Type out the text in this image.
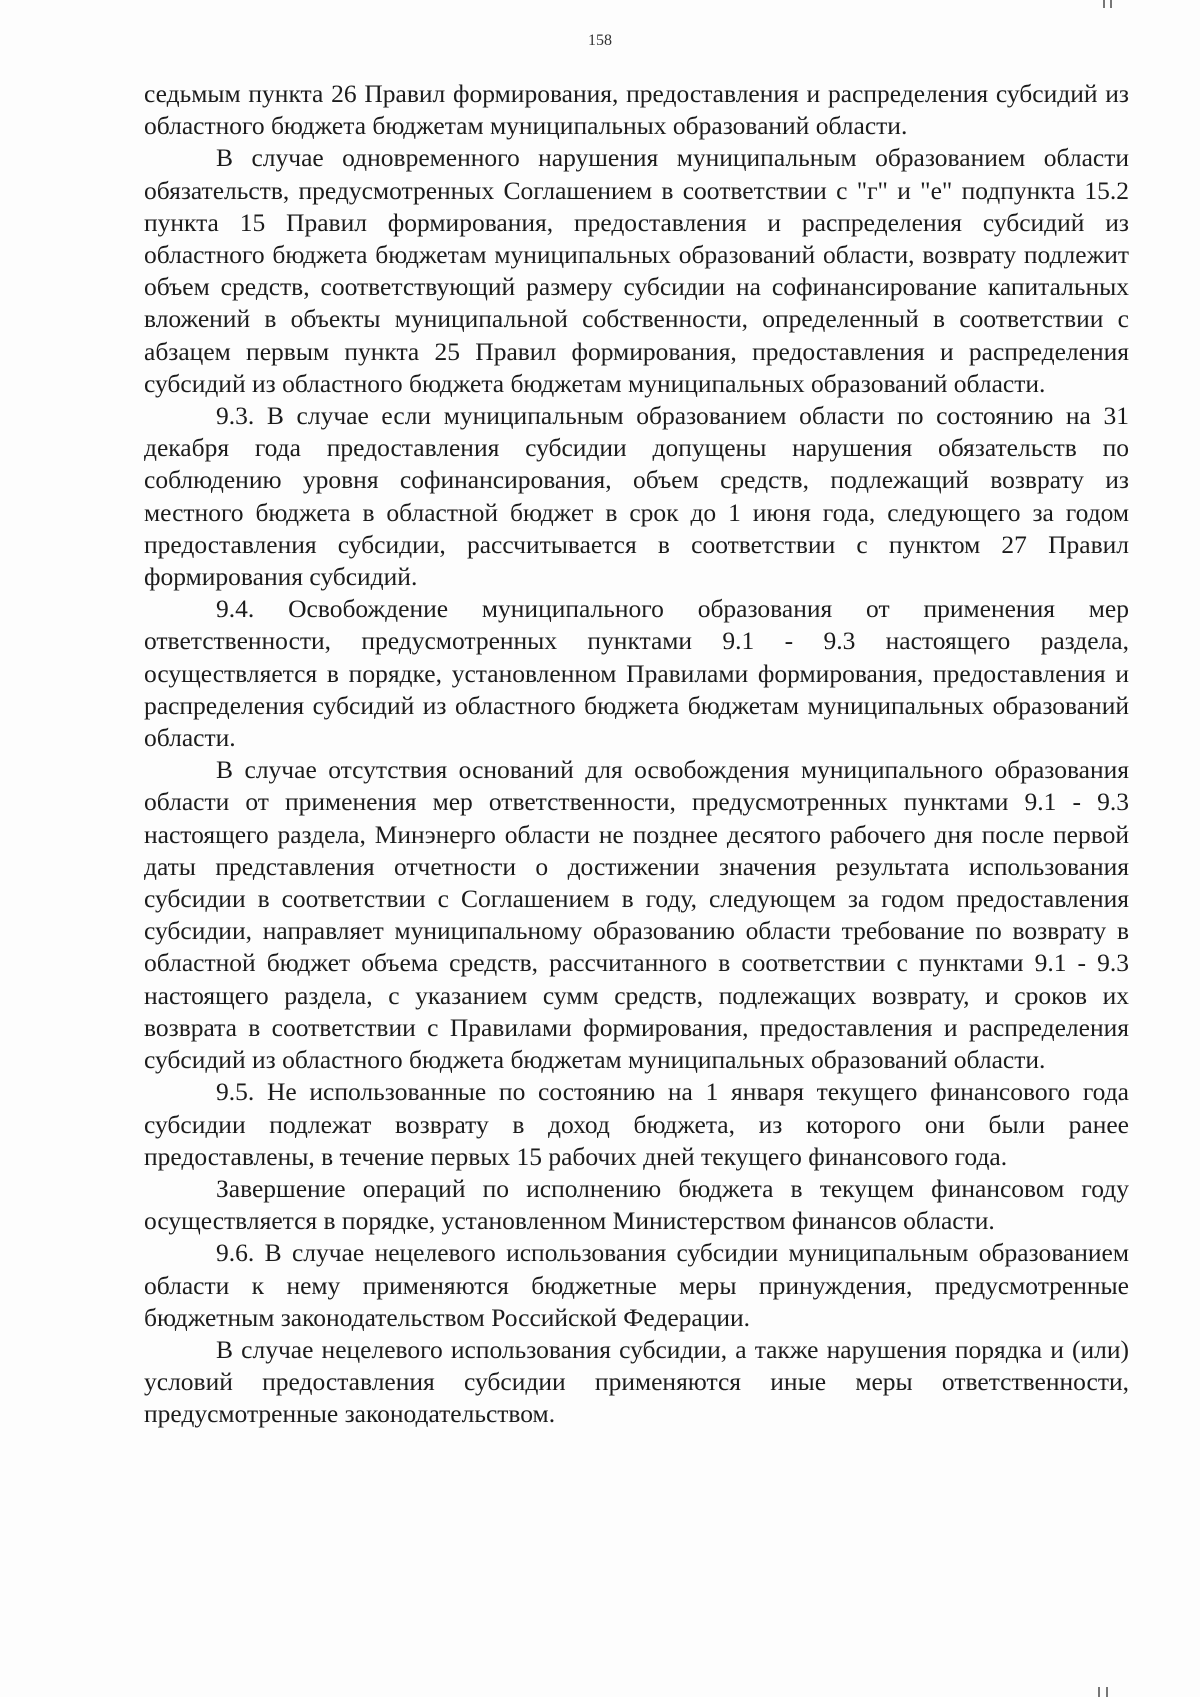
158

седьмым пункта 26 Правил формирования, предоставления и распределения субсидий из областного бюджета бюджетам муниципальных образований области.

В случае одновременного нарушения муниципальным образованием области обязательств, предусмотренных Соглашением в соответствии с "г" и "е" подпункта 15.2 пункта 15 Правил формирования, предоставления и распределения субсидий из областного бюджета бюджетам муниципальных образований области, возврату подлежит объем средств, соответствующий размеру субсидии на софинансирование капитальных вложений в объекты муниципальной собственности, определенный в соответствии с абзацем первым пункта 25 Правил формирования, предоставления и распределения субсидий из областного бюджета бюджетам муниципальных образований области.

9.3. В случае если муниципальным образованием области по состоянию на 31 декабря года предоставления субсидии допущены нарушения обязательств по соблюдению уровня софинансирования, объем средств, подлежащий возврату из местного бюджета в областной бюджет в срок до 1 июня года, следующего за годом предоставления субсидии, рассчитывается в соответствии с пунктом 27 Правил формирования субсидий.

9.4. Освобождение муниципального образования от применения мер ответственности, предусмотренных пунктами 9.1 - 9.3 настоящего раздела, осуществляется в порядке, установленном Правилами формирования, предоставления и распределения субсидий из областного бюджета бюджетам муниципальных образований области.

В случае отсутствия оснований для освобождения муниципального образования области от применения мер ответственности, предусмотренных пунктами 9.1 - 9.3 настоящего раздела, Минэнерго области не позднее десятого рабочего дня после первой даты представления отчетности о достижении значения результата использования субсидии в соответствии с Соглашением в году, следующем за годом предоставления субсидии, направляет муниципальному образованию области требование по возврату в областной бюджет объема средств, рассчитанного в соответствии с пунктами 9.1 - 9.3 настоящего раздела, с указанием сумм средств, подлежащих возврату, и сроков их возврата в соответствии с Правилами формирования, предоставления и распределения субсидий из областного бюджета бюджетам муниципальных образований области.

9.5. Не использованные по состоянию на 1 января текущего финансового года субсидии подлежат возврату в доход бюджета, из которого они были ранее предоставлены, в течение первых 15 рабочих дней текущего финансового года.

Завершение операций по исполнению бюджета в текущем финансовом году осуществляется в порядке, установленном Министерством финансов области.

9.6. В случае нецелевого использования субсидии муниципальным образованием области к нему применяются бюджетные меры принуждения, предусмотренные бюджетным законодательством Российской Федерации.

В случае нецелевого использования субсидии, а также нарушения порядка и (или) условий предоставления субсидии применяются иные меры ответственности, предусмотренные законодательством.
